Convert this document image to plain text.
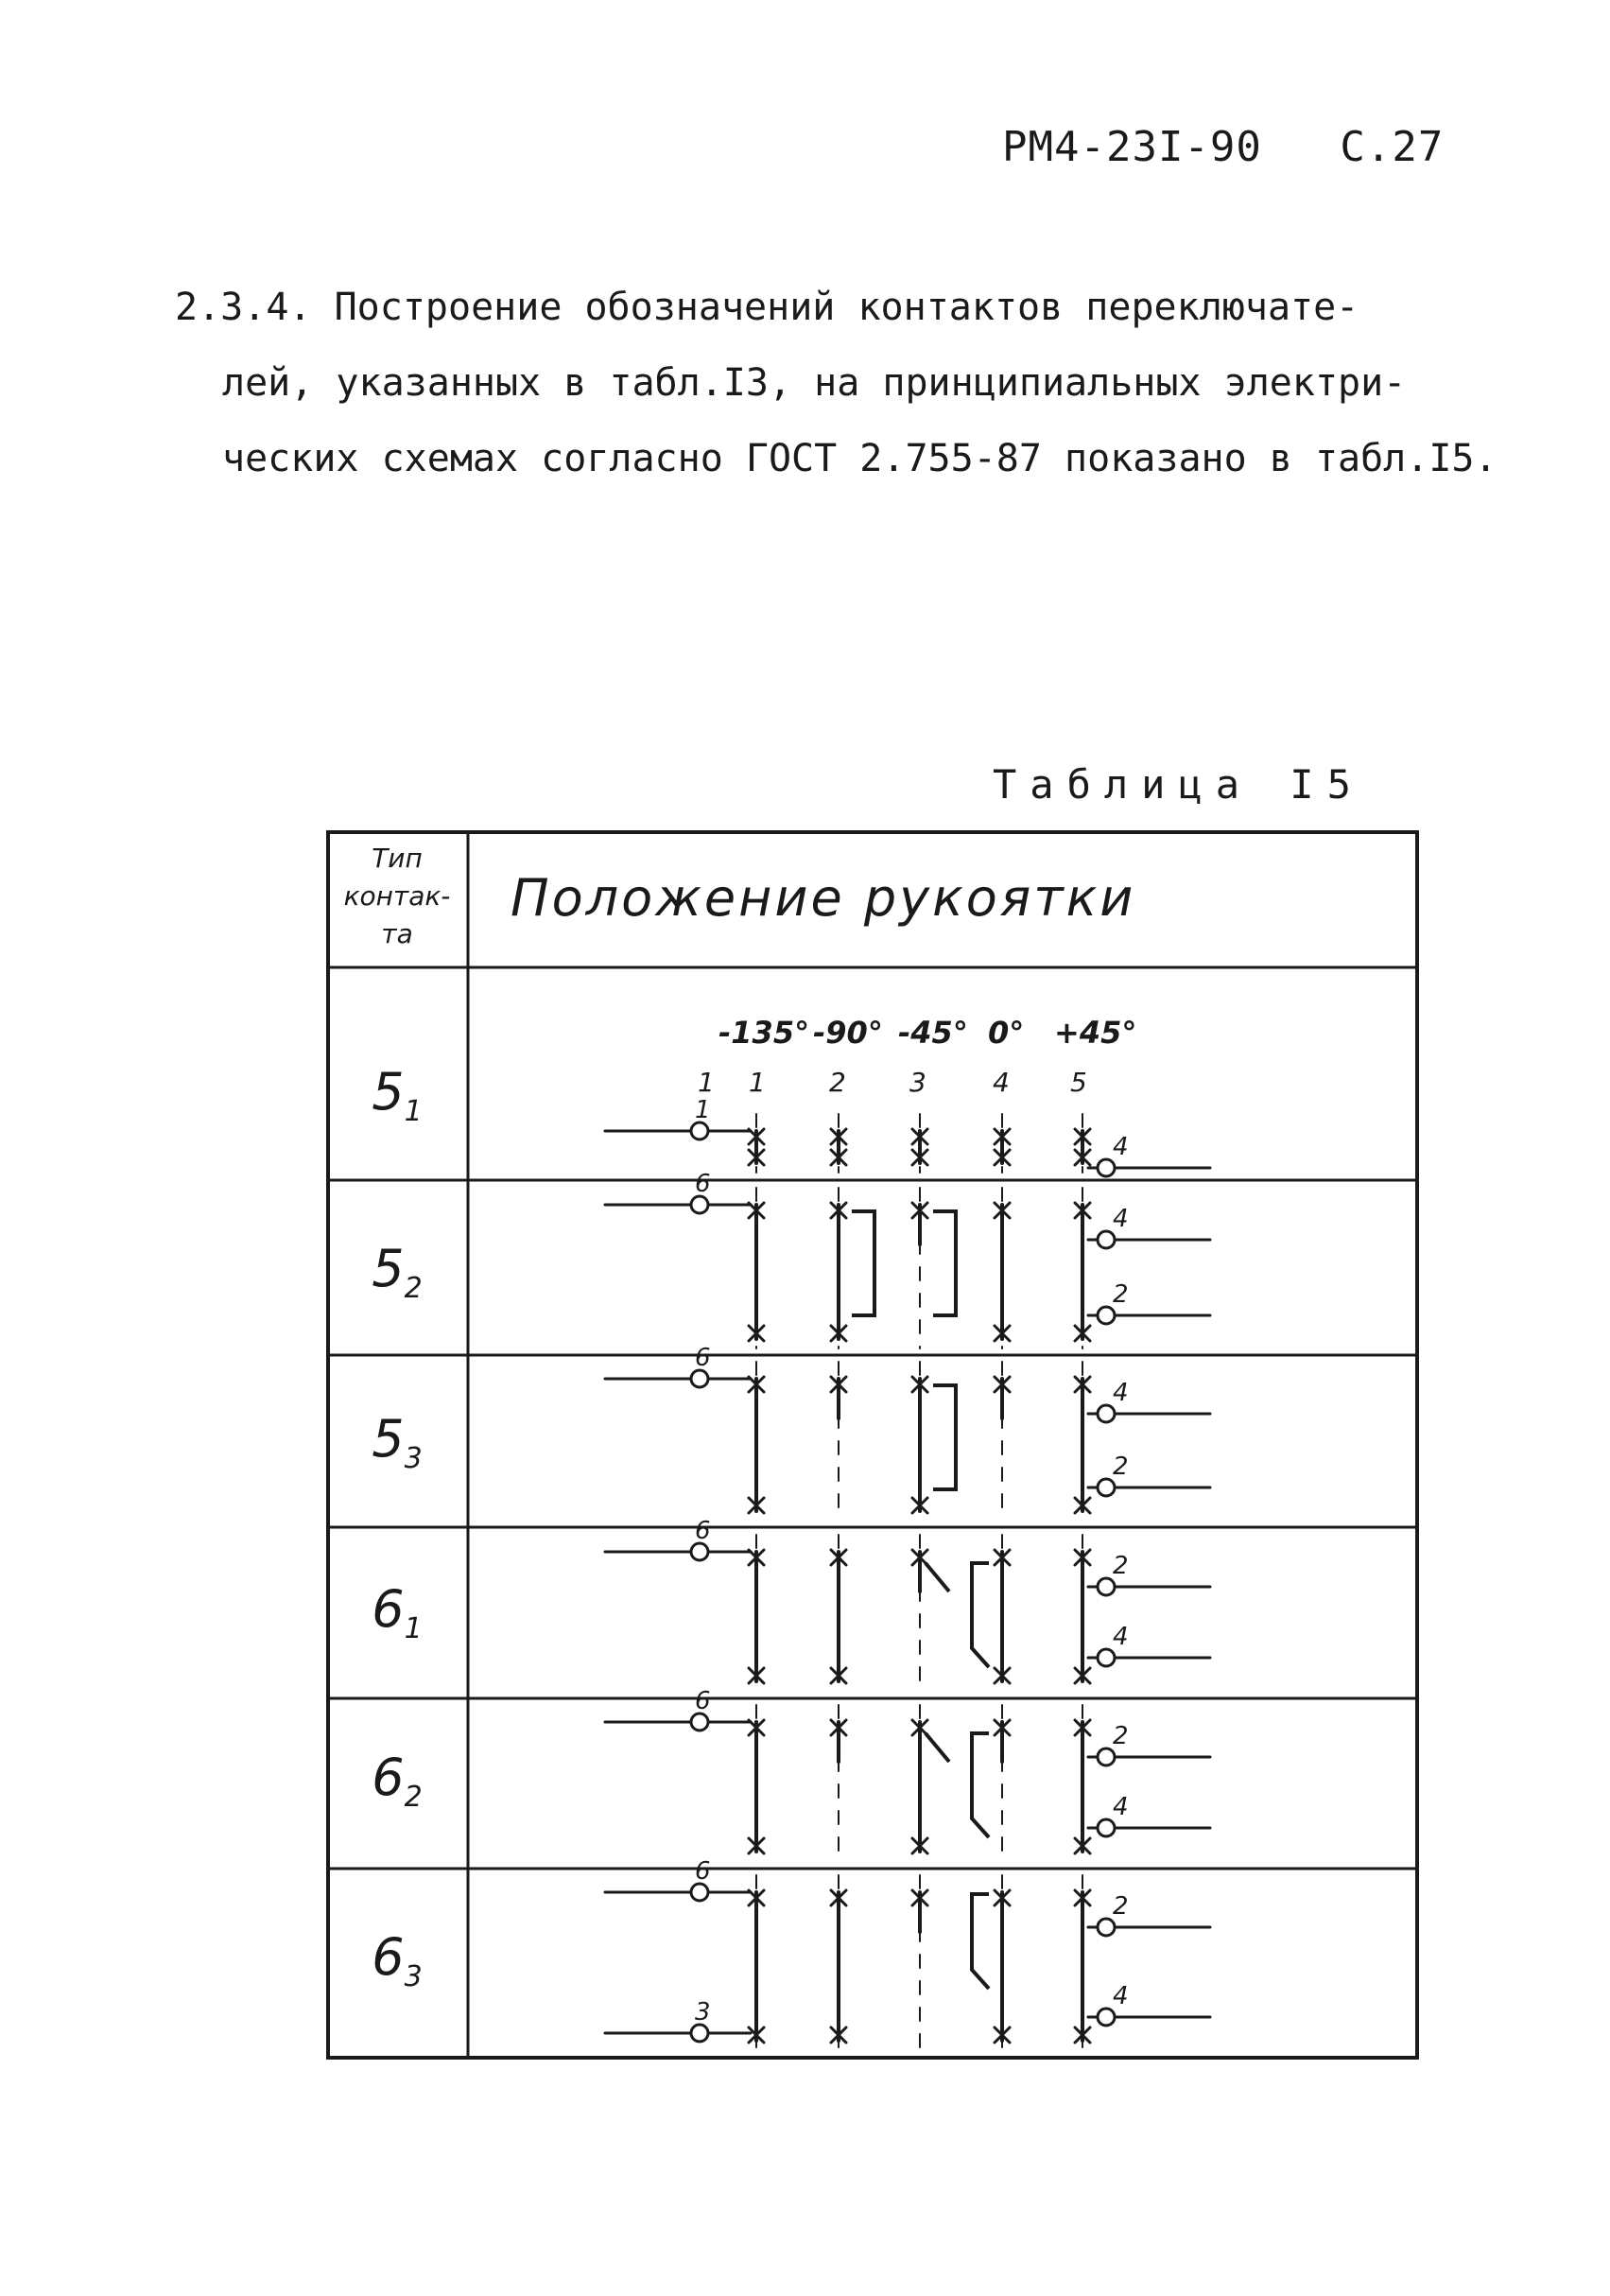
РМ4-23I-90 С.27
2.3.4. Построение обозначений контактов переключате-
лей, указанных в табл.I3, на принципиальных электри-
ческих схемах согласно ГОСТ 2.755-87 показано в табл.I5.
Таблица I5
1
4
6
4
2
6
4
2
6
2
4
6
2
4
6
3
2
4
Тип
контак-
та
Положение рукоятки
-135° -90° -45° 0° +45°
1 1 2 3	4 5
$5_1$
$5_2$
$5_3$
$6_1$
$6_2$
$6_3$
